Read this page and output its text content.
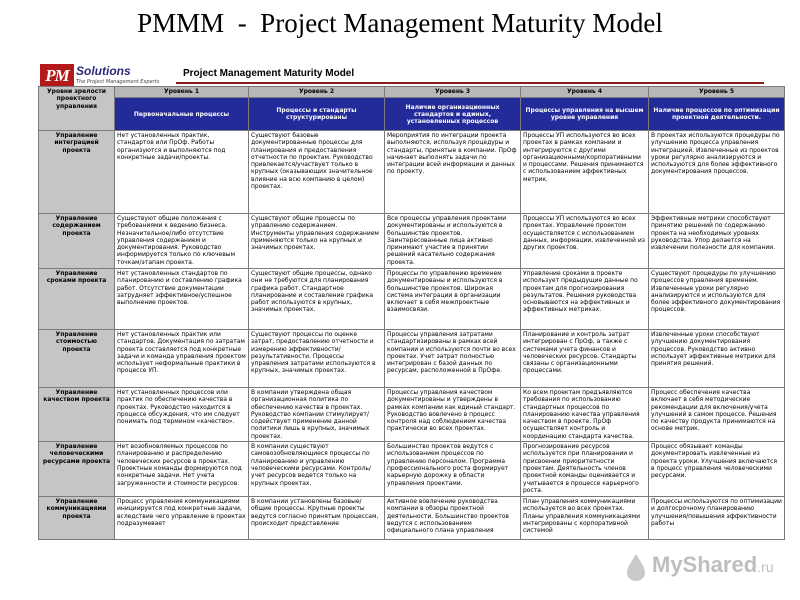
PMMM  -  Project Management Maturity Model
PM Solutions
The Project Management Experts
Project Management Maturity Model
Уровни зрелости проектного управления	Уровень 1	Уровень 2	Уровень 3	Уровень 4	Уровень 5
	Первоначальные процессы	Процессы и стандарты структурированы	Наличие организационных стандартов и единых, установленных процессов	Процессы управления на высшем уровне управления	Наличие процессов по оптимизации проектной деятельности.
Управление интеграцией проекта	Нет установленных практик, стандартов или ПрОф. Работы организуются и выполняются под конкретные задачи/проекты.	Существуют базовые документированные процессы для планирования и предоставления отчетности по проектам. Руководство привлекается/участвует только в крупных (оказывающих значительное влияние на всю компанию в целом) проектах.	Мероприятия по интеграции проекта выполняются, используя процедуры и стандарты, принятые в компании. ПрОф начинает выполнять задачи по интеграции всей информации и данных по проекту.	Процессы УП используются во всех проектах в рамках компании и интегрируются с другими организационными/корпоративными и процессами. Решения принимаются с использованием эффективных метрик.	В проектах используются процедуры по улучшению процесса управления интеграцией. Извлеченные из проектов уроки регулярно анализируются и используются для более эффективного документирования процессов.
Управление содержанием проекта	Существуют общие положения с требованиями к ведению бизнеса. Незначительное/либо отсутствие управления содержанием и документирования. Руководство информируется только по ключевым точкам/этапам проекта.	Существуют общие процессы по управлению содержанием. Инструменты управления содержанием применяются только на крупных и значимых проектах.	Все процессы управления проектами документированы и используются в большинстве проектов. Заинтересованные лица активно принимают участие в принятии решений касательно содержания проекта.	Процессы УП используются во всех проектах. Управление проектом осуществляется с использованием данных, информации, извлеченной из других проектов.	Эффективные метрики способствуют принятию решений по содержанию проекта на необходимых уровнях руководства. Упор делается на извлечении полезности для компании.
Управление сроками проекта	Нет установленных стандартов по планированию и составлению графика работ. Отсутствие документации затрудняет эффективное/успешное выполнение проектов.	Существуют общие процессы, однако они не требуются для планирования графика работ. Стандартное планирование и составление графика работ используются в крупных, значимых проектах.	Процессы по управлению временем документированы и используются в большинстве проектов. Широкая система интеграции в организации включает в себя межпроектные взаимосвязи.	Управление сроками в проекте использует предыдущие данные по проектам для прогнозирования результатов. Решения руководства основываются на эффективных и эффективных метриках.	Существуют процедуры по улучшению процессов управления временем. Извлеченные уроки регулярно анализируются и используются для более эффективного документирования процессов.
Управление стоимостью проекта	Нет установленных практик или стандартов. Документация по затратам проекта составляется под конкретные задачи и команда управления проектом использует неформальные практики в процессе УП.	Существуют процессы по оценке затрат, предоставлению отчетности и измерению эффективности/результативности. Процессы управления затратами используются в крупных, значимых проектах.	Процессы управления затратами стандартизированы в рамках всей компании и используются почти во всех проектах. Учет затрат полностью интегрирован с базой данных по ресурсам, расположенной в ПрОфе.	Планирование и контроль затрат интегрирован с ПрОф, а также с системами учета финансов и человеческих ресурсов. Стандарты связаны с организационными процессами.	Извлеченные уроки способствуют улучшению документирования процессов. Руководство активно использует эффективные метрики для принятия решений.
Управление качеством проекта	Нет установленных процессов или практик по обеспечению качества в проектах. Руководство находится в процессе обсуждения, что им следует понимать под термином «качество».	В компании утверждена общая организационная политика по обеспечению качества в проектах. Руководство компании стимулирует/содействует применение данной политики лишь в крупных, значимых проектах.	Процессы управления качеством документированы и утверждены в рамках компании как единый стандарт. Руководство вовлечено в процесс контроля над соблюдением качества практически во всех проектах.	Ко всем проектам предъявляются требования по использованию стандартных процессов по планированию качества управления качеством в проекте. ПрОф осуществляет контроль и координацию стандарта качества.	Процесс обеспечения качества включает в себя методические рекомендации для включения/учета улучшений в самом процессе. Решения по качеству продукта принимаются на основе метрик.
Управление человеческими ресурсами проекта	Нет возобновляемых процессов по планированию и распределению человеческих ресурсов в проектах. Проектные команды формируются под конкретные задачи. Нет учета загруженности и стоимости ресурсов.	В компании существуют самовозобновляющиеся процессы по планированию и управлению человеческими ресурсами. Контроль/учет ресурсов ведется только на крупных проектах.	Большинство проектов ведутся с использованием процессов по управлению персоналом. Программа профессионального роста формирует карьерную дорожку в области управления проектами.	Прогнозирование ресурсов используется при планировании и присвоении приоритетности проектам. Деятельность членов проектной команды оценивается и учитывается в процессе карьерного роста.	Процесс обязывает команды документировать извлеченные из проекта уроки. Улучшения включаются в процесс управления человеческими ресурсами.
Управление коммуникациями проекта	Процесс управления коммуникациями инициируется под конкретные задачи, вследствие чего управление в проектах подразумевает	В компании установлены базовые/общие процессы. Крупные проекты ведутся согласно принятым процессам, происходит представление	Активное вовлечение руководства компании в обзоры проектной деятельности. Большинство проектов ведутся с использованием официального плана управления	План управления коммуникациями используется во всех проектах. Планы управления коммуникациями интегрированы с корпоративной системой	Процессы используются по оптимизации и долгосрочному планированию улучшения/повышения эффективности работы
MyShared.ru
